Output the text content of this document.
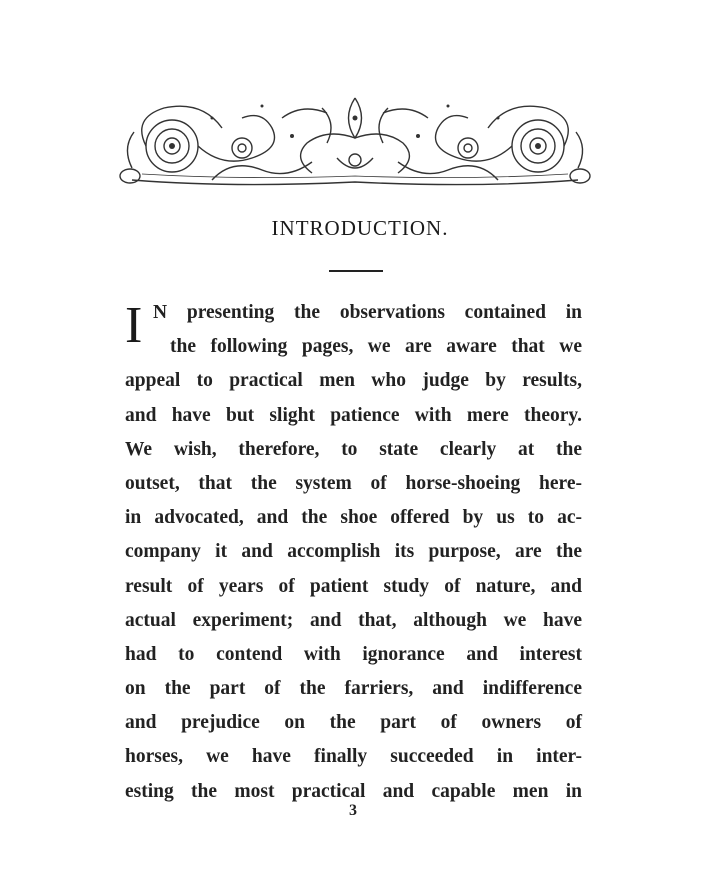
INTRODUCTION.
I N presenting the observations contained in
the following pages, we are aware that we
appeal to practical men who judge by results,
and have but slight patience with mere theory.
We wish, therefore, to state clearly at the
outset, that the system of horse-shoeing here-
in advocated, and the shoe offered by us to ac-
company it and accomplish its purpose, are the
result of years of patient study of nature, and
actual experiment; and that, although we have
had to contend with ignorance and interest
on the part of the farriers, and indifference
and prejudice on the part of owners of
horses, we have finally succeeded in inter-
esting the most practical and capable men in
3
